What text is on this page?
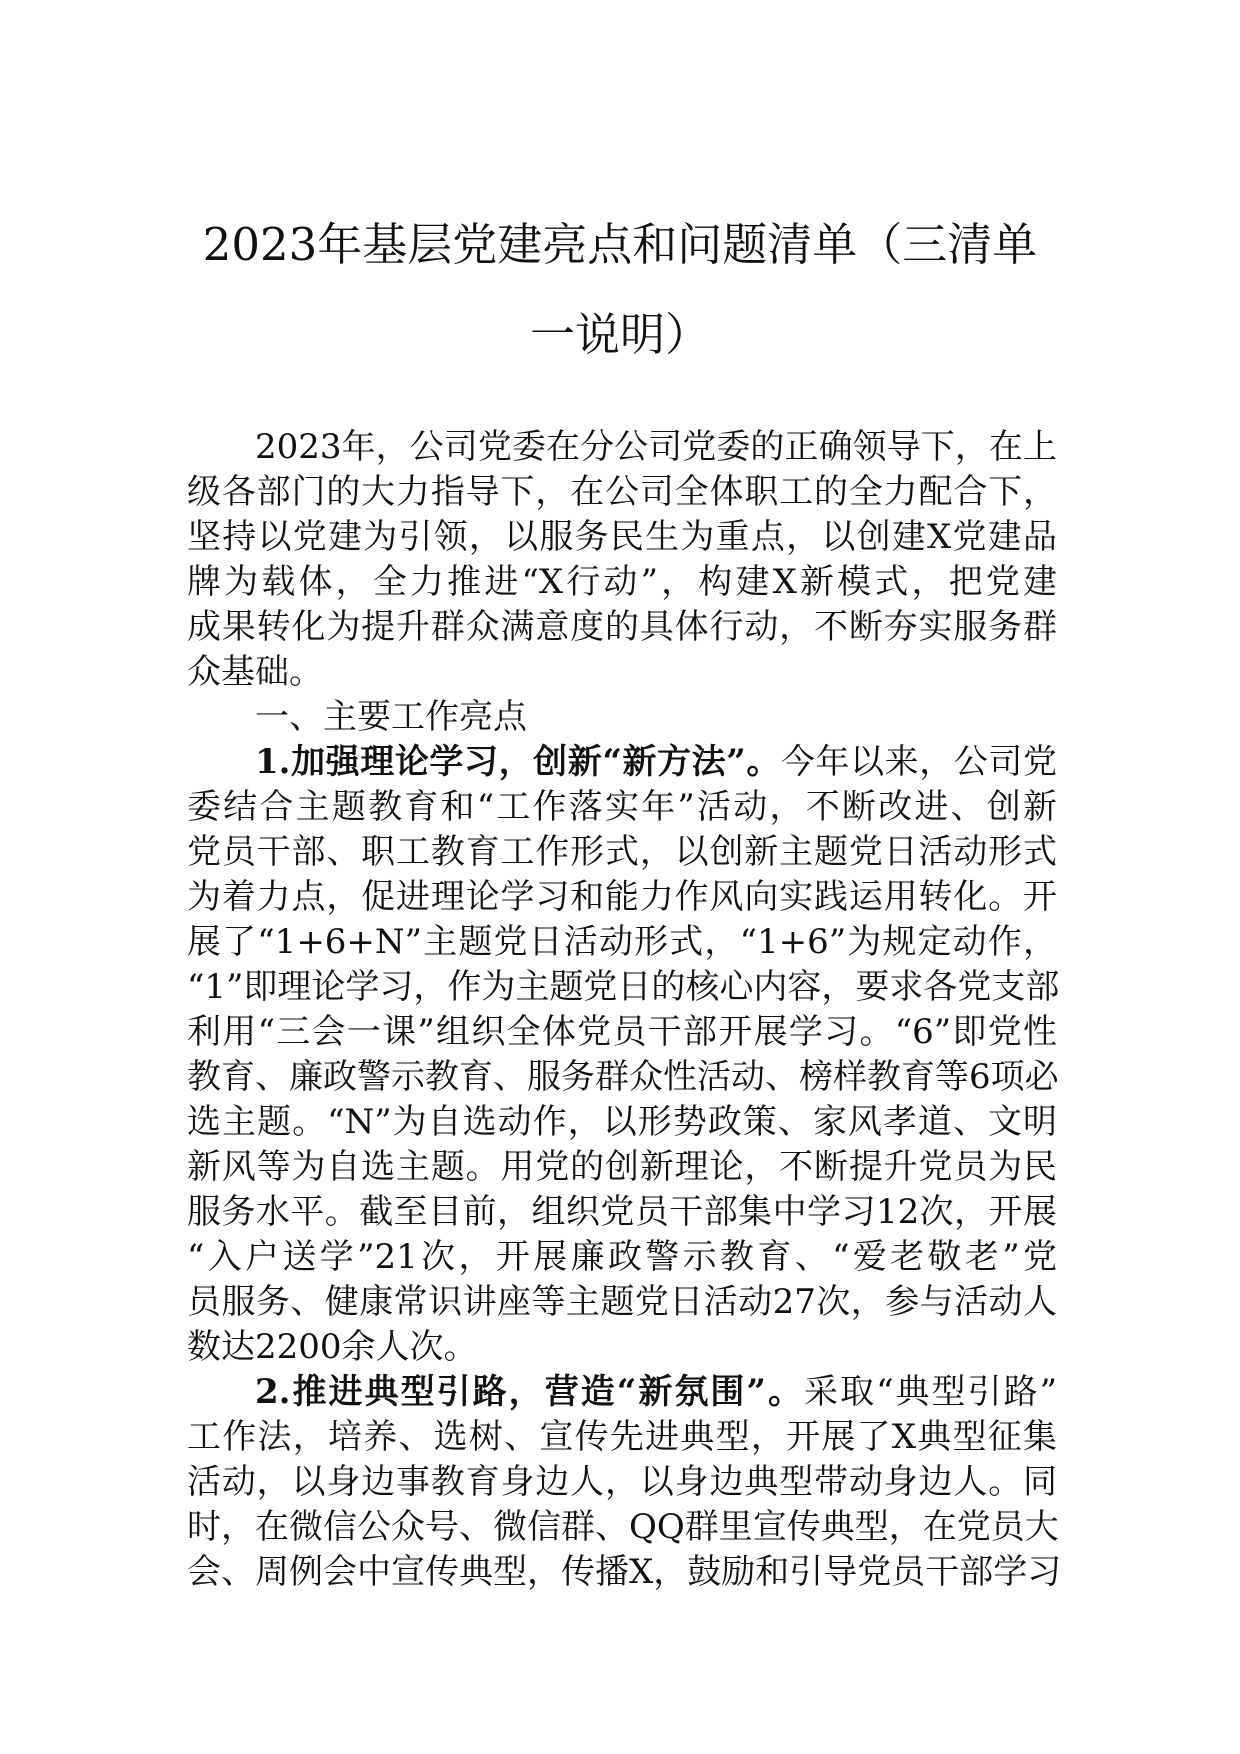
2023年基层党建亮点和问题清单（三清单
一说明）
2023年，公司党委在分公司党委的正确领导下，在上
级各部门的大力指导下，在公司全体职工的全力配合下，
坚持以党建为引领，以服务民生为重点，以创建X党建品
牌为载体，全力推进“X行动”，构建X新模式，把党建
成果转化为提升群众满意度的具体行动，不断夯实服务群
众基础。
一、主要工作亮点
1.加强理论学习，创新“新方法”。今年以来，公司党
委结合主题教育和“工作落实年”活动，不断改进、创新
党员干部、职工教育工作形式，以创新主题党日活动形式
为着力点，促进理论学习和能力作风向实践运用转化。开
展了“1+6+N”主题党日活动形式，“1+6”为规定动作，
“1”即理论学习，作为主题党日的核心内容，要求各党支部
利用“三会一课”组织全体党员干部开展学习。“6”即党性
教育、廉政警示教育、服务群众性活动、榜样教育等6项必
选主题。“N”为自选动作，以形势政策、家风孝道、文明
新风等为自选主题。用党的创新理论，不断提升党员为民
服务水平。截至目前，组织党员干部集中学习12次，开展
“入户送学”21次，开展廉政警示教育、“爱老敬老”党
员服务、健康常识讲座等主题党日活动27次，参与活动人
数达2200余人次。
2.推进典型引路，营造“新氛围”。采取“典型引路”
工作法，培养、选树、宣传先进典型，开展了X典型征集
活动，以身边事教育身边人，以身边典型带动身边人。同
时，在微信公众号、微信群、QQ群里宣传典型，在党员大
会、周例会中宣传典型，传播X，鼓励和引导党员干部学习
